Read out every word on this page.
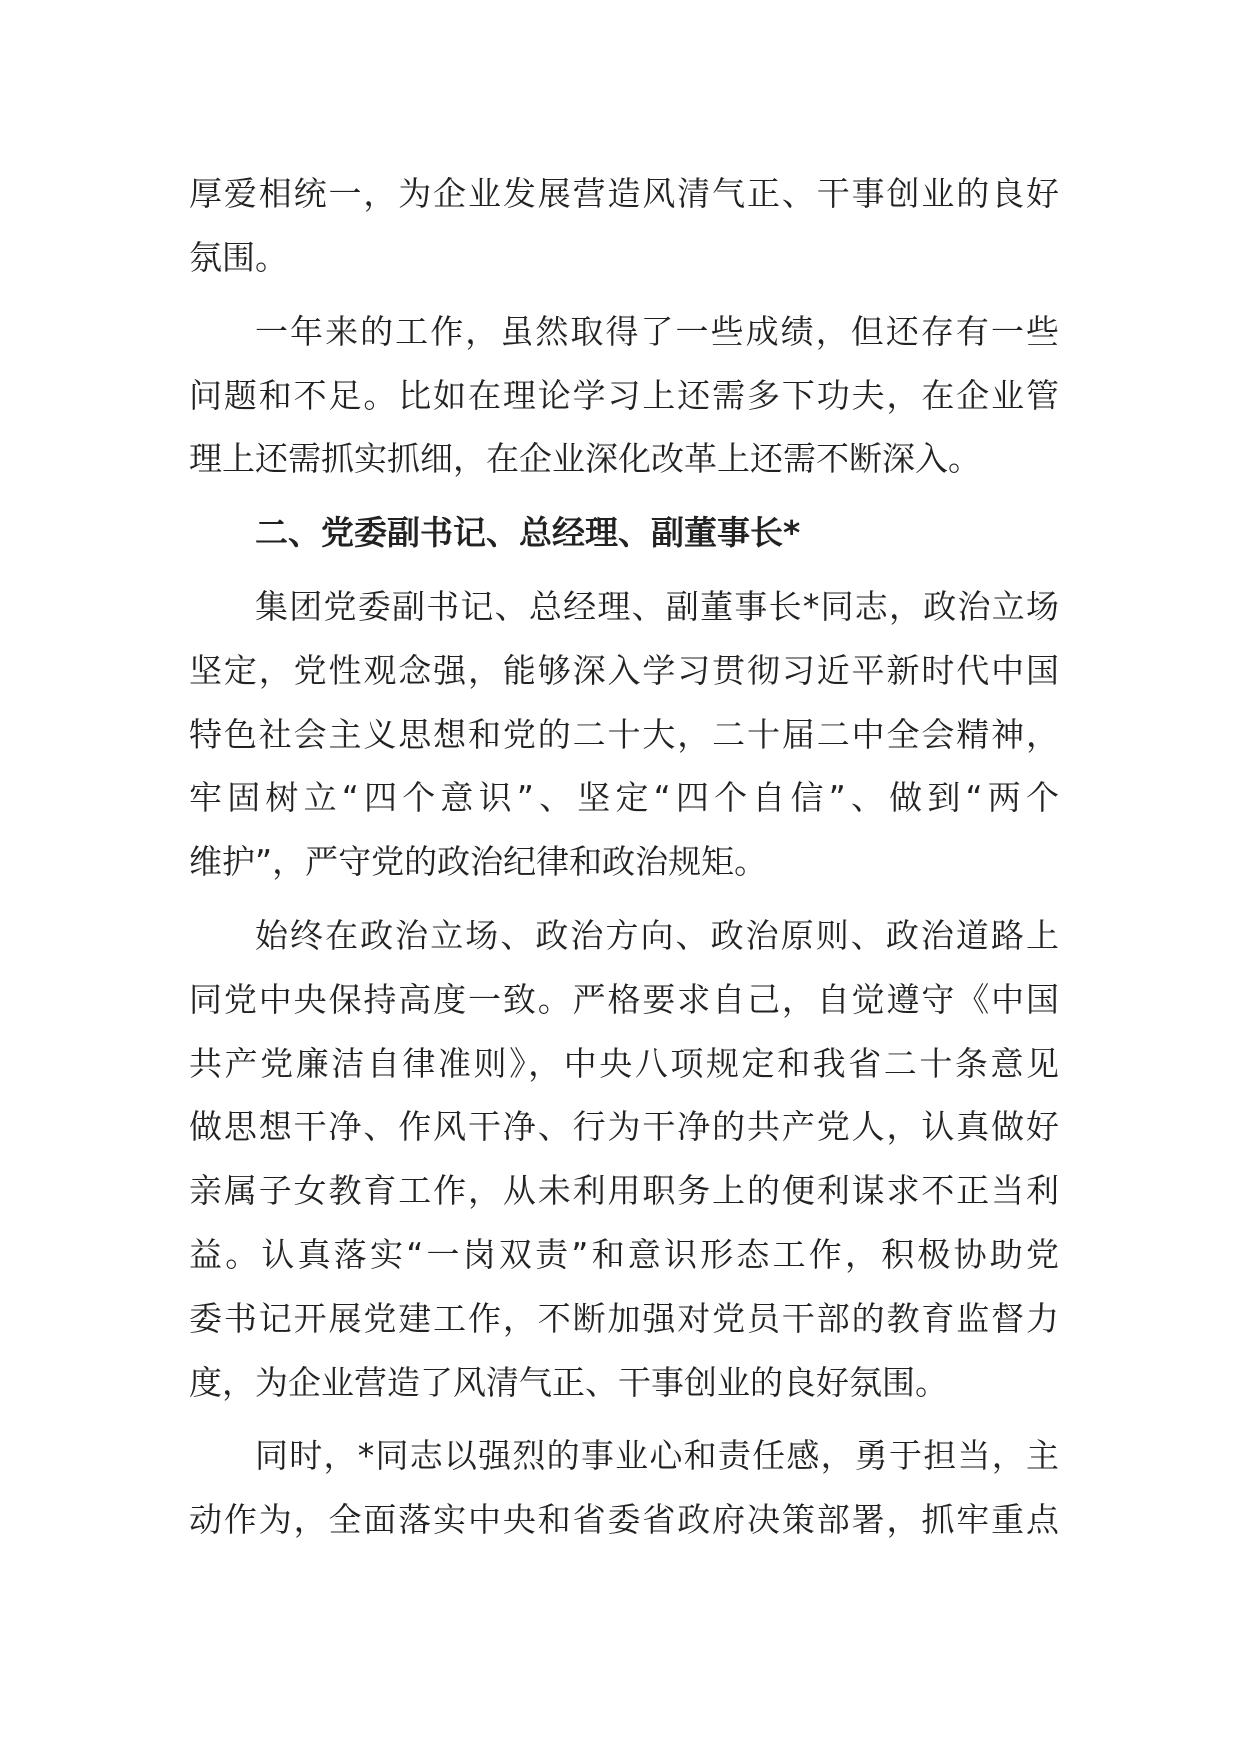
厚爱相统一，为企业发展营造风清气正、干事创业的良好
氛围。
一年来的工作，虽然取得了一些成绩，但还存有一些
问题和不足。比如在理论学习上还需多下功夫，在企业管
理上还需抓实抓细，在企业深化改革上还需不断深入。
二、党委副书记、总经理、副董事长*
集团党委副书记、总经理、副董事长*同志，政治立场
坚定，党性观念强，能够深入学习贯彻习近平新时代中国
特色社会主义思想和党的二十大，二十届二中全会精神，
牢固树立“四个意识”、坚定“四个自信”、做到“两个
维护”，严守党的政治纪律和政治规矩。
始终在政治立场、政治方向、政治原则、政治道路上
同党中央保持高度一致。严格要求自己，自觉遵守《中国
共产党廉洁自律准则》，中央八项规定和我省二十条意见
做思想干净、作风干净、行为干净的共产党人，认真做好
亲属子女教育工作，从未利用职务上的便利谋求不正当利
益。认真落实“一岗双责”和意识形态工作，积极协助党
委书记开展党建工作，不断加强对党员干部的教育监督力
度，为企业营造了风清气正、干事创业的良好氛围。
同时，*同志以强烈的事业心和责任感，勇于担当，主
动作为，全面落实中央和省委省政府决策部署，抓牢重点
